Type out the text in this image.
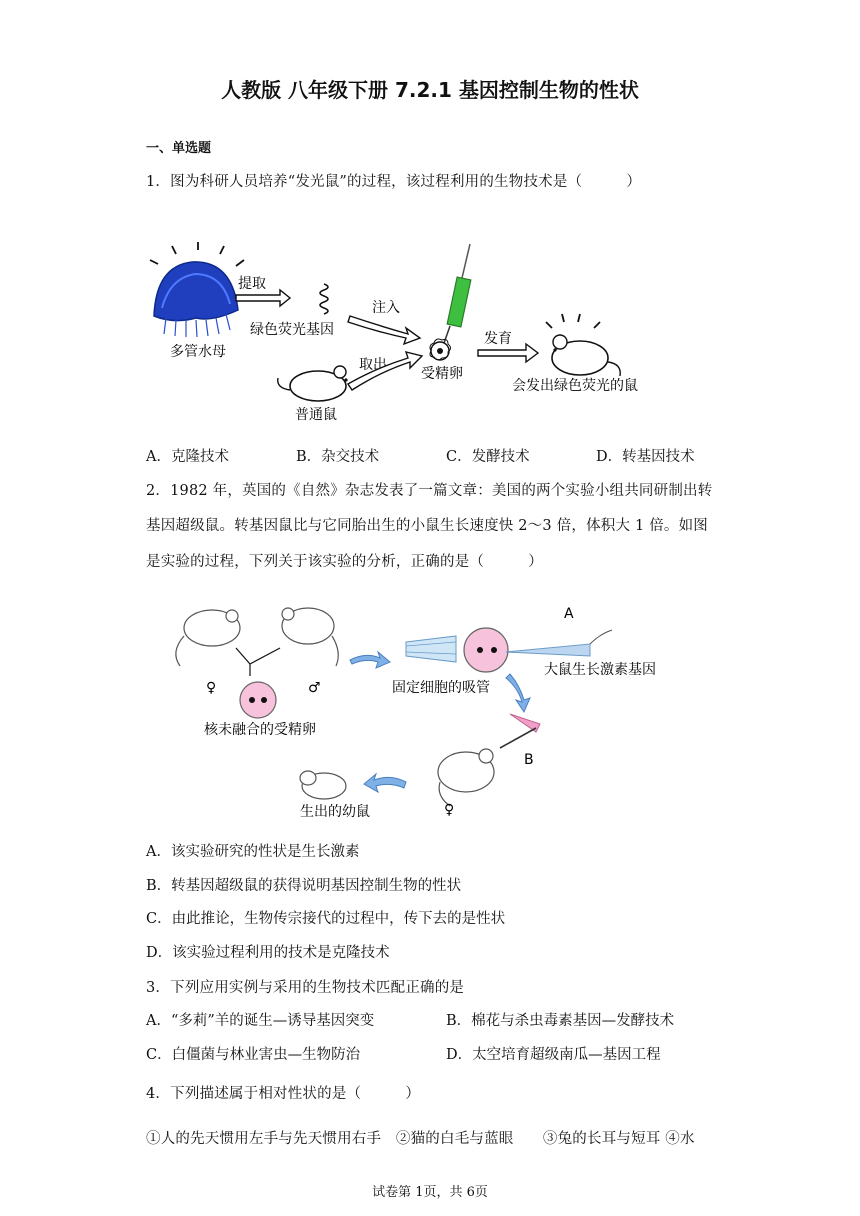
人教版 八年级下册 7.2.1 基因控制生物的性状
一、单选题
1．图为科研人员培养“发光鼠”的过程，该过程利用的生物技术是（　　　）
多管水母
提取
绿色荧光基因
注入
受精卵
取出
普通鼠
发育
会发出绿色荧光的鼠
A．克隆技术	B．杂交技术	C．发酵技术	D．转基因技术
2．1982 年，英国的《自然》杂志发表了一篇文章：美国的两个实验小组共同研制出转
基因超级鼠。转基因鼠比与它同胎出生的小鼠生长速度快 2～3 倍，体积大 1 倍。如图
是实验的过程，下列关于该实验的分析，正确的是（　　　）
♀	♂
核未融合的受精卵
A
大鼠生长激素基因
固定细胞的吸管
B
♀
生出的幼鼠
A．该实验研究的性状是生长激素
B．转基因超级鼠的获得说明基因控制生物的性状
C．由此推论，生物传宗接代的过程中，传下去的是性状
D．该实验过程利用的技术是克隆技术
3．下列应用实例与采用的生物技术匹配正确的是
A．“多莉”羊的诞生—诱导基因突变	B．棉花与杀虫毒素基因—发酵技术
C．白僵菌与林业害虫—生物防治	D．太空培育超级南瓜—基因工程
4．下列描述属于相对性状的是（　　　）
①人的先天惯用左手与先天惯用右手　②猫的白毛与蓝眼　　③兔的长耳与短耳 ④水
试卷第 1页，共 6页
